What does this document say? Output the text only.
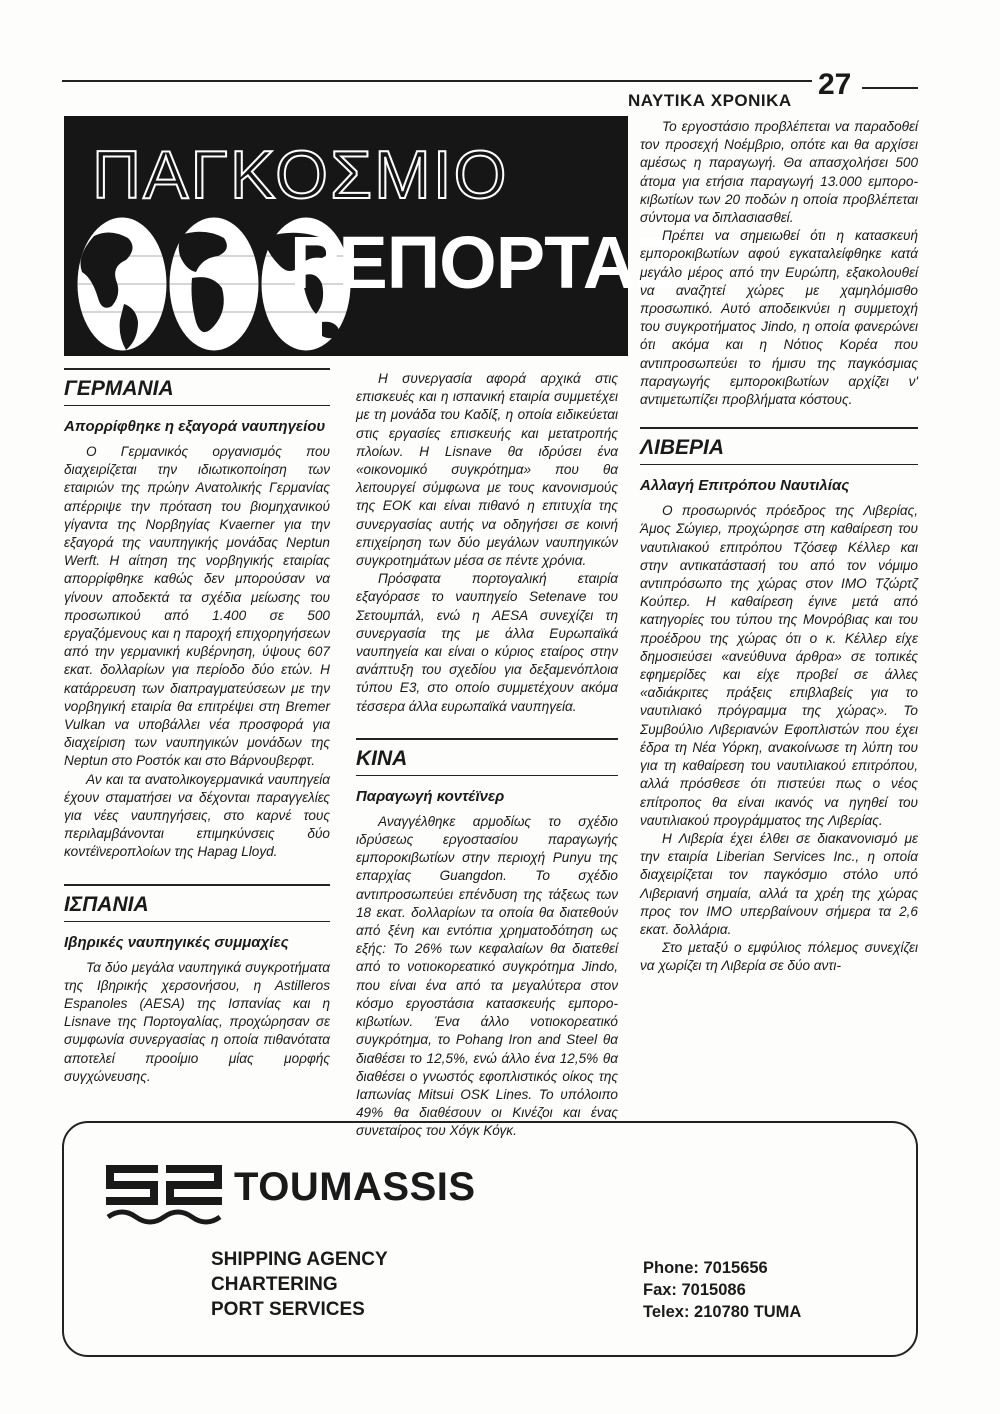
ΝΑΥΤΙΚΑ ΧΡΟΝΙΚΑ 27
ΠΑΓΚΟΣΜΙΟ
ΡΕΠΟΡΤΑΖ
ΓΕΡΜΑΝΙΑ
Απορρίφθηκε η εξαγορά ναυπηγείου

Ο Γερμανικός οργανισμός που διαχειρίζεται την ιδιωτικοποίηση των εταιριών της πρώην Ανατολικής Γερμανίας απέρριψε την πρόταση του βιομηχανικού γίγαντα της Νορβηγίας Kvaerner για την εξαγορά της ναυπηγικής μονάδας Neptun Werft. Η αίτηση της νορβηγικής εταιρίας απορρίφθηκε καθώς δεν μπορούσαν να γίνουν αποδεκτά τα σχέδια μείωσης του προσωπικού από 1.400 σε 500 εργαζόμενους και η παροχή επιχορηγήσεων από την γερμανική κυβέρνηση, ύψους 607 εκατ. δολλαρίων για περίοδο δύο ετών. Η κατάρρευση των διαπραγματεύσεων με την νορβηγική εταιρία θα επιτρέψει στη Bremer Vulkan να υποβάλλει νέα προσφορά για διαχείριση των ναυπηγικών μονάδων της Neptun στο Ροστόκ και στο Βάρνουβερφτ.

Αν και τα ανατολικογερμανικά ναυπηγεία έχουν σταματήσει να δέχονται παραγγελίες για νέες ναυπηγήσεις, στο καρνέ τους περιλαμβάνονται επιμηκύνσεις δύο κοντέϊνεροπλοίων της Hapag Lloyd.

ΙΣΠΑΝΙΑ
Ιβηρικές ναυπηγικές συμμαχίες

Τα δύο μεγάλα ναυπηγικά συγκροτήματα της Ιβηρικής χερσονήσου, η Astilleros Espanoles (AESA) της Ισπανίας και η Lisnave της Πορτογαλίας, προχώρησαν σε συμφωνία συνεργασίας η οποία πιθανότατα αποτελεί προοίμιο μίας μορφής συγχώνευσης.

Η συνεργασία αφορά αρχικά στις επισκευές και η ισπανική εταιρία συμμετέχει με τη μονάδα του Καδίξ, η οποία ειδικεύεται στις εργασίες επισκευής και μετατροπής πλοίων. Η Lisnave θα ιδρύσει ένα «οικονομικό συγκρότημα» που θα λειτουργεί σύμφωνα με τους κανονισμούς της ΕΟΚ και είναι πιθανό η επιτυχία της συνεργασίας αυτής να οδηγήσει σε κοινή επιχείρηση των δύο μεγάλων ναυπηγικών συγκροτημάτων μέσα σε πέντε χρόνια.

Πρόσφατα πορτογαλική εταιρία εξαγόρασε το ναυπηγείο Setenave του Σετουμπάλ, ενώ η AESA συνεχίζει τη συνεργασία της με άλλα Ευρωπαϊκά ναυπηγεία και είναι ο κύριος εταίρος στην ανάπτυξη του σχεδίου για δεξαμενόπλοια τύπου Ε3, στο οποίο συμμετέχουν ακόμα τέσσερα άλλα ευρωπαϊκά ναυπηγεία.

ΚΙΝΑ
Παραγωγή κοντέϊνερ

Αναγγέλθηκε αρμοδίως το σχέδιο ιδρύσεως εργοστασίου παραγωγής εμποροκιβωτίων στην περιοχή Punyu της επαρχίας Guangdon. Το σχέδιο αντιπροσωπεύει επένδυση της τάξεως των 18 εκατ. δολλαρίων τα οποία θα διατεθούν από ξένη και εντόπια χρηματοδότηση ως εξής: Το 26% των κεφαλαίων θα διατεθεί από το νοτιοκορεατικό συγκρότημα Jindo, που είναι ένα από τα μεγαλύτερα στον κόσμο εργοστάσια κατασκευής εμποροκιβωτίων. Ένα άλλο νοτιοκορεατικό συγκρότημα, το Pohang Iron and Steel θα διαθέσει το 12,5%, ενώ άλλο ένα 12,5% θα διαθέσει ο γνωστός εφοπλιστικός οίκος της Ιαπωνίας Mitsui OSK Lines. Το υπόλοιπο 49% θα διαθέσουν οι Κινέζοι και ένας συνεταίρος του Χόγκ Κόγκ.

Το εργοστάσιο προβλέπεται να παραδοθεί τον προσεχή Νοέμβριο, οπότε και θα αρχίσει αμέσως η παραγωγή. Θα απασχολήσει 500 άτομα για ετήσια παραγωγή 13.000 εμποροκιβωτίων των 20 ποδών η οποία προβλέπεται σύντομα να διπλασιασθεί.

Πρέπει να σημειωθεί ότι η κατασκευή εμποροκιβωτίων αφού εγκαταλείφθηκε κατά μεγάλο μέρος από την Ευρώπη, εξακολουθεί να αναζητεί χώρες με χαμηλόμισθο προσωπικό. Αυτό αποδεικνύει η συμμετοχή του συγκροτήματος Jindo, η οποία φανερώνει ότι ακόμα και η Νότιος Κορέα που αντιπροσωπεύει το ήμισυ της παγκόσμιας παραγωγής εμποροκιβωτίων αρχίζει ν' αντιμετωπίζει προβλήματα κόστους.

ΛΙΒΕΡΙΑ
Αλλαγή Επιτρόπου Ναυτιλίας

Ο προσωρινός πρόεδρος της Λιβερίας, Άμος Σώγιερ, προχώρησε στη καθαίρεση του ναυτιλιακού επιτρόπου Τζόσεφ Κέλλερ και στην αντικατάστασή του από τον νόμιμο αντιπρόσωπο της χώρας στον ΙΜΟ Τζώρτζ Κούπερ. Η καθαίρεση έγινε μετά από κατηγορίες του τύπου της Μονρόβιας και του προέδρου της χώρας ότι ο κ. Κέλλερ είχε δημοσιεύσει «ανεύθυνα άρθρα» σε τοπικές εφημερίδες και είχε προβεί σε άλλες «αδιάκριτες πράξεις επιβλαβείς για το ναυτιλιακό πρόγραμμα της χώρας». Το Συμβούλιο Λιβεριανών Εφοπλιστών που έχει έδρα τη Νέα Υόρκη, ανακοίνωσε τη λύπη του για τη καθαίρεση του ναυτιλιακού επιτρόπου, αλλά πρόσθεσε ότι πιστεύει πως ο νέος επίτροπος θα είναι ικανός να ηγηθεί του ναυτιλιακού προγράμματος της Λιβερίας.

Η Λιβερία έχει έλθει σε διακανονισμό με την εταιρία Liberian Services Inc., η οποία διαχειρίζεται τον παγκόσμιο στόλο υπό Λιβεριανή σημαία, αλλά τα χρέη της χώρας προς τον ΙΜΟ υπερβαίνουν σήμερα τα 2,6 εκατ. δολλάρια.

Στο μεταξύ ο εμφύλιος πόλεμος συνεχίζει να χωρίζει τη Λιβερία σε δύο αντι-

TOUMASSIS
SHIPPING AGENCY
CHARTERING
PORT SERVICES
Phone: 7015656
Fax: 7015086
Telex: 210780 TUMA
